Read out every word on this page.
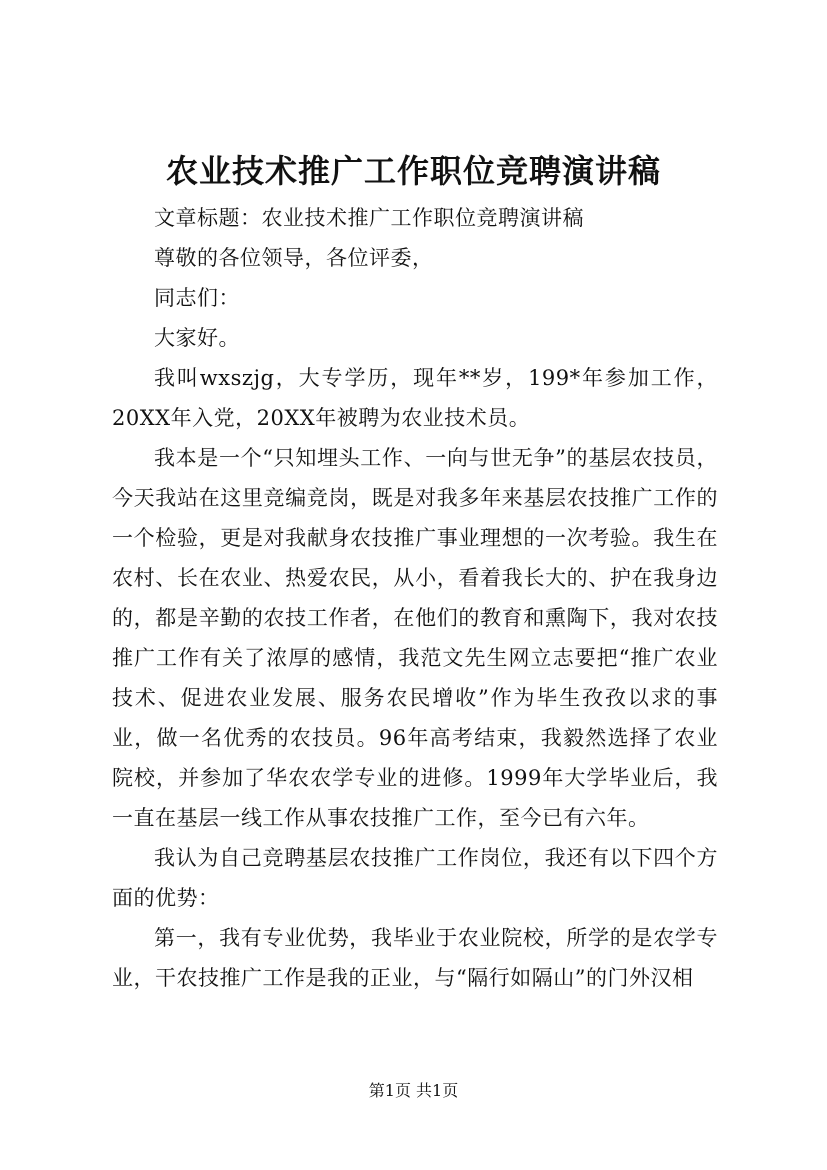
农业技术推广工作职位竞聘演讲稿

文章标题：农业技术推广工作职位竞聘演讲稿

尊敬的各位领导，各位评委，

同志们：

大家好。

我叫wxszjg，大专学历，现年**岁，199*年参加工作，20XX年入党，20XX年被聘为农业技术员。

我本是一个“只知埋头工作、一向与世无争”的基层农技员，今天我站在这里竞编竞岗，既是对我多年来基层农技推广工作的一个检验，更是对我献身农技推广事业理想的一次考验。我生在农村、长在农业、热爱农民，从小，看着我长大的、护在我身边的，都是辛勤的农技工作者，在他们的教育和熏陶下，我对农技推广工作有关了浓厚的感情，我范文先生网立志要把“推广农业技术、促进农业发展、服务农民增收”作为毕生孜孜以求的事业，做一名优秀的农技员。96年高考结束，我毅然选择了农业院校，并参加了华农农学专业的进修。1999年大学毕业后，我一直在基层一线工作从事农技推广工作，至今已有六年。

我认为自己竞聘基层农技推广工作岗位，我还有以下四个方面的优势：

第一，我有专业优势，我毕业于农业院校，所学的是农学专业，干农技推广工作是我的正业，与“隔行如隔山”的门外汉相

第1页 共1页
